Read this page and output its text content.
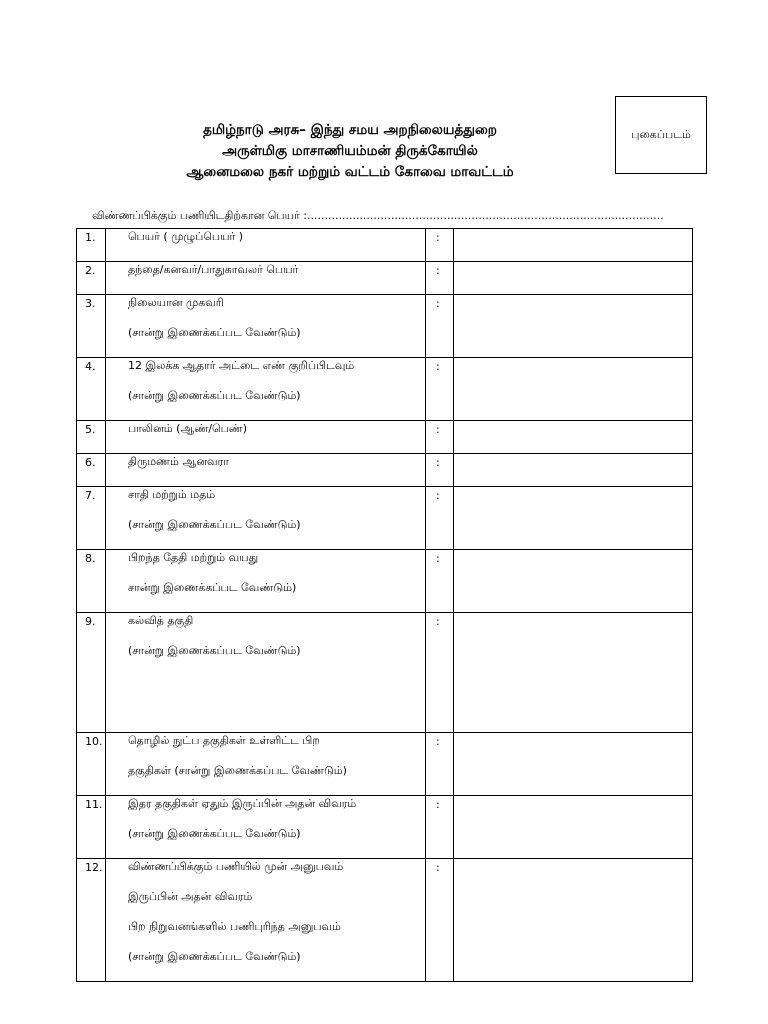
புகைப்படம்
தமிழ்நாடு அரசு– இந்து சமய அறநிலையத்துறை
அருள்மிகு மாசாணியம்மன் திருக்கோயில்
ஆனைமலை நகர் மற்றும் வட்டம் கோவை மாவட்டம்
விண்ணப்பிக்கும் பணியிடதிற்கான பெயர் :......................................................................................................
1.	பெயர் ( முழுப்பெயர் )	:	
2.	தந்தை/கனவர்/பாதுகாவலர் பெயர்	:	
3.	நிலையான முகவரி
(சான்று இணைக்கப்பட வேண்டும்)	:	
4.	12 இலக்க ஆதார் அட்டை எண் குறிப்பிடவும்
(சான்று இணைக்கப்பட வேண்டும்)	:	
5.	பாலினம் (ஆண்/பெண்)	:	
6.	திருமணம் ஆனவரா	:	
7.	சாதி மற்றும் மதம்
(சான்று இணைக்கப்பட வேண்டும்)	:	
8.	பிறந்த தேதி மற்றும் வயது
சான்று இணைக்கப்பட வேண்டும்)	:	
9.	கல்வித் தகுதி
(சான்று இணைக்கப்பட வேண்டும்)	:	
10.	தொழில் நுட்ப தகுதிகள் உள்ளிட்ட பிற
தகுதிகள் (சான்று இணைக்கப்பட வேண்டும்)	:	
11.	இதர தகுதிகள் ஏதும் இருப்பின் அதன் விவரம்
(சான்று இணைக்கப்பட வேண்டும்)	:	
12.	விண்ணப்பிக்கும் பணியில் முன் அனுபவம்
இருப்பின் அதன் விவரம்
பிற நிறுவனங்களில் பணிபுரிந்த அனுபவம்
(சான்று இணைக்கப்பட வேண்டும்)	:	
